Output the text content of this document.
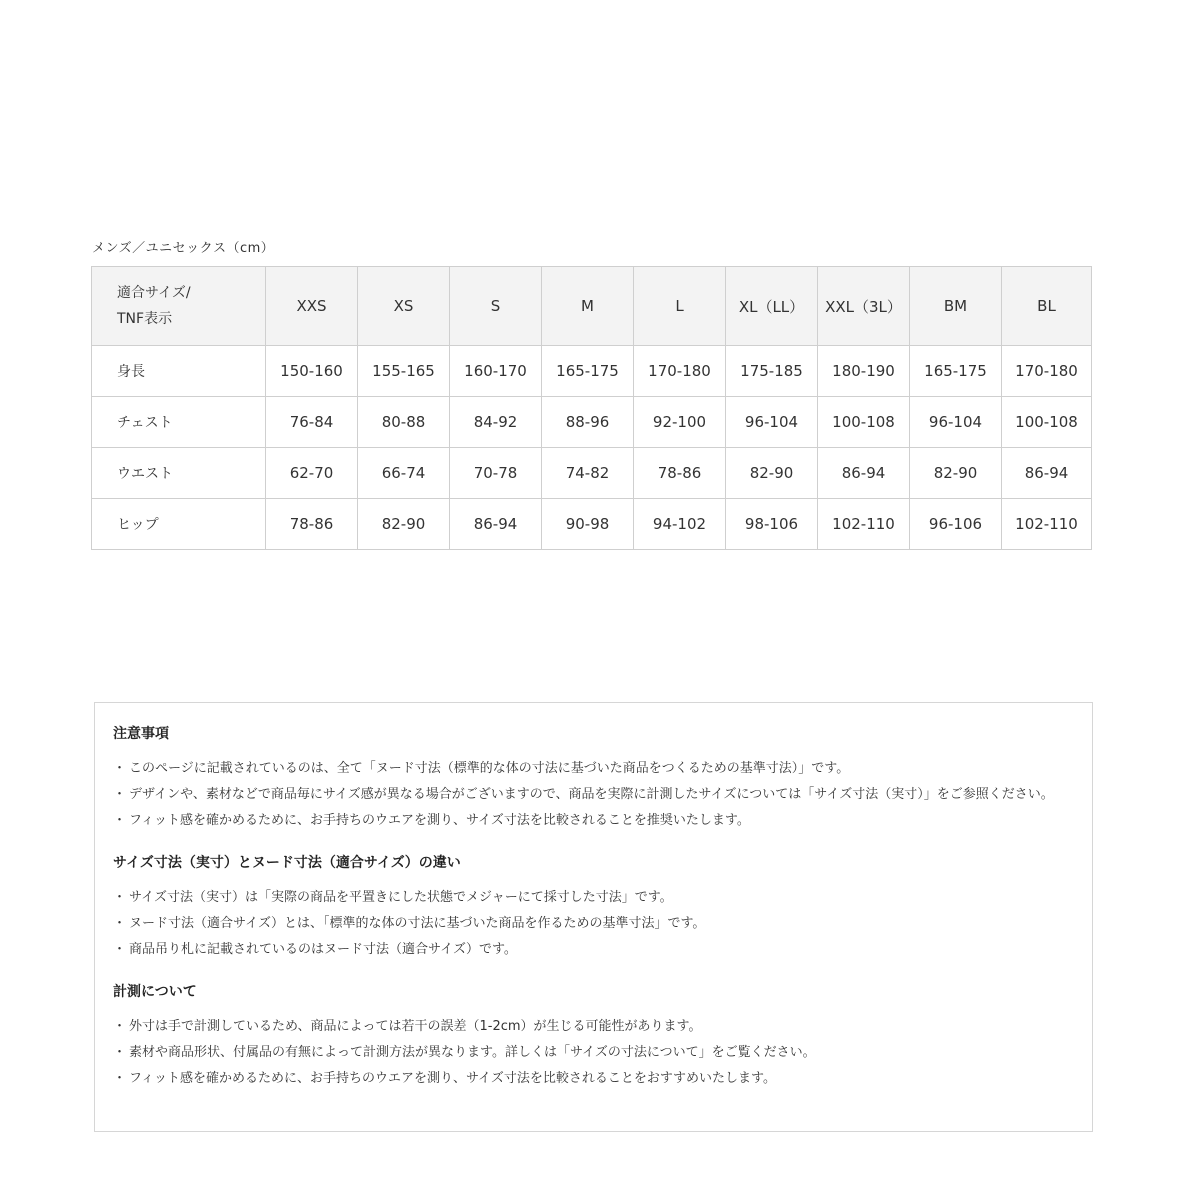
メンズ／ユニセックス（cm）
適合サイズ/
TNF表示	XXS	XS	S	M	L	XL（LL）	XXL（3L）	BM	BL
身長	150-160	155-165	160-170	165-175	170-180	175-185	180-190	165-175	170-180
チェスト	76-84	80-88	84-92	88-96	92-100	96-104	100-108	96-104	100-108
ウエスト	62-70	66-74	70-78	74-82	78-86	82-90	86-94	82-90	86-94
ヒップ	78-86	82-90	86-94	90-98	94-102	98-106	102-110	96-106	102-110
注意事項
・ このページに記載されているのは、全て「ヌード寸法（標準的な体の寸法に基づいた商品をつくるための基準寸法）」です。
・ デザインや、素材などで商品毎にサイズ感が異なる場合がございますので、商品を実際に計測したサイズについては「サイズ寸法（実寸）」をご参照ください。
・ フィット感を確かめるために、お手持ちのウエアを測り、サイズ寸法を比較されることを推奨いたします。
サイズ寸法（実寸）とヌード寸法（適合サイズ）の違い
・ サイズ寸法（実寸）は「実際の商品を平置きにした状態でメジャーにて採寸した寸法」です。
・ ヌード寸法（適合サイズ）とは、「標準的な体の寸法に基づいた商品を作るための基準寸法」です。
・ 商品吊り札に記載されているのはヌード寸法（適合サイズ）です。
計測について
・ 外寸は手で計測しているため、商品によっては若干の誤差（1-2cm）が生じる可能性があります。
・ 素材や商品形状、付属品の有無によって計測方法が異なります。詳しくは「サイズの寸法について」をご覧ください。
・ フィット感を確かめるために、お手持ちのウエアを測り、サイズ寸法を比較されることをおすすめいたします。
